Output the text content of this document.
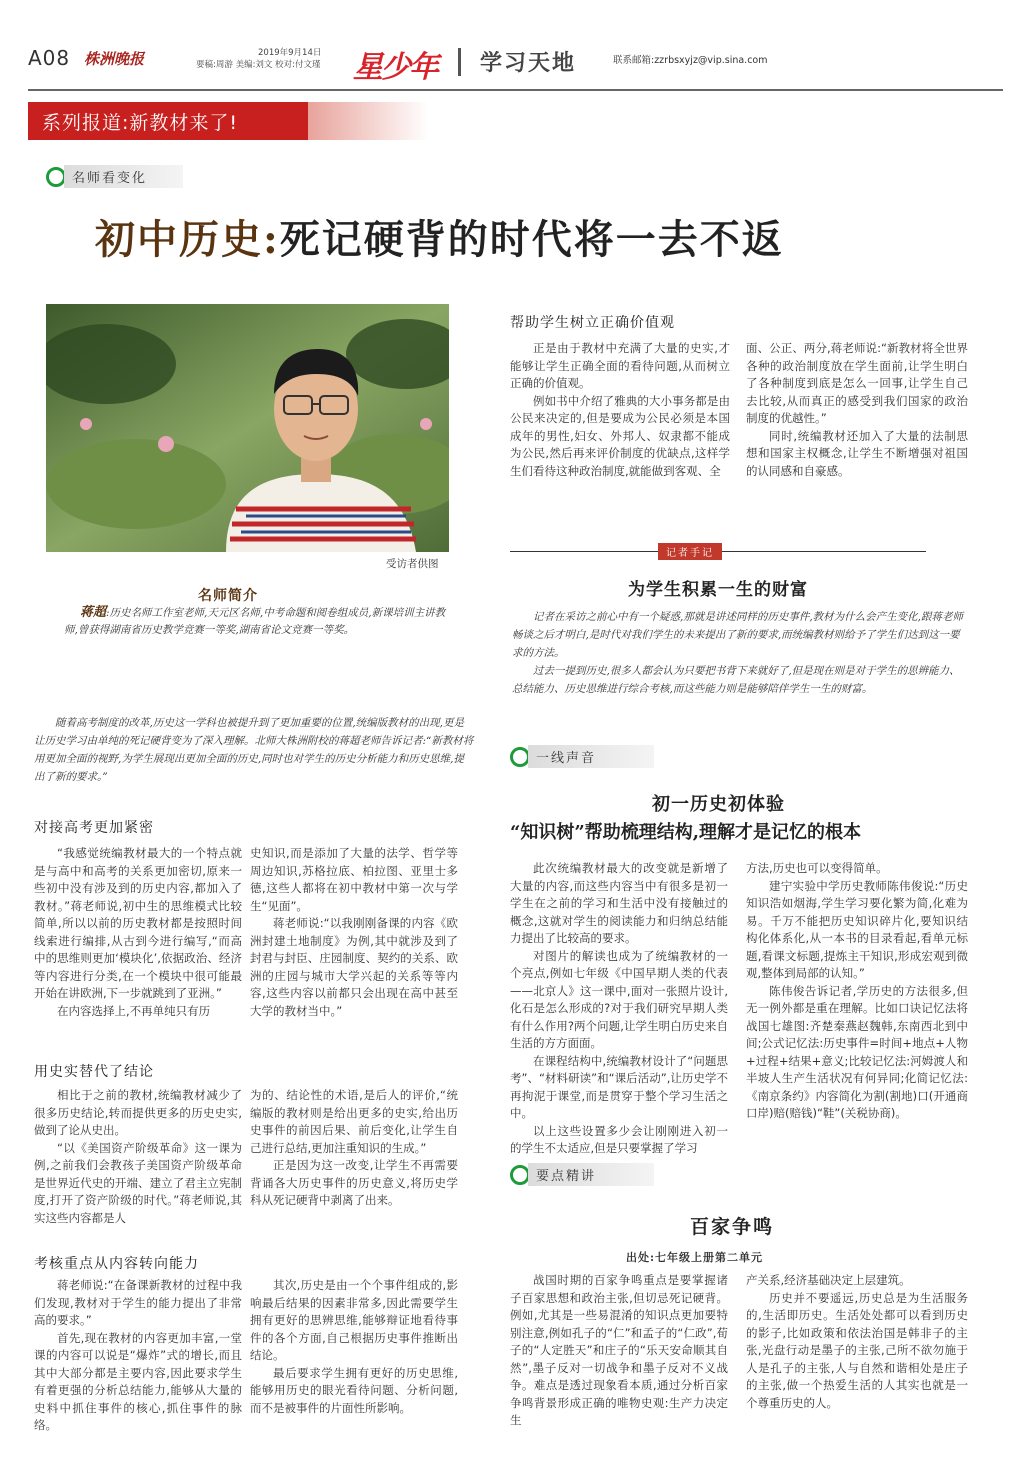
A08 株洲晚报	2019年9月14日
要稿:周游 美编:刘文 校对:付文瑾 星少年 学习天地	联系邮箱:zzrbsxyjz@vip.sina.com
系列报道:新教材来了!
名师看变化
初中历史:死记硬背的时代将一去不返
受访者供图
名师简介
蒋超:历史名师工作室老师,天元区名师,中考命题和阅卷组成员,新课培训主讲教师,曾获得湖南省历史教学竞赛一等奖,湖南省论文竞赛一等奖。

随着高考制度的改革,历史这一学科也被提升到了更加重要的位置,统编版教材的出现,更是让历史学习由单纯的死记硬背变为了深入理解。北师大株洲附校的蒋超老师告诉记者:“新教材将用更加全面的视野,为学生展现出更加全面的历史,同时也对学生的历史分析能力和历史思维,提出了新的要求。”

对接高考更加紧密

“我感觉统编教材最大的一个特点就是与高中和高考的关系更加密切,原来一些初中没有涉及到的历史内容,都加入了教材。”蒋老师说,初中生的思维模式比较简单,所以以前的历史教材都是按照时间线索进行编排,从古到今进行编写,“而高中的思维则更加‘模块化’,依据政治、经济等内容进行分类,在一个模块中很可能最开始在讲欧洲,下一步就跳到了亚洲。”

在内容选择上,不再单纯只有历

史知识,而是添加了大量的法学、哲学等周边知识,苏格拉底、柏拉图、亚里士多德,这些人都将在初中教材中第一次与学生“见面”。

蒋老师说:“以我刚刚备课的内容《欧洲封建土地制度》为例,其中就涉及到了封君与封臣、庄园制度、契约的关系、欧洲的庄园与城市大学兴起的关系等等内容,这些内容以前都只会出现在高中甚至大学的教材当中。”

用史实替代了结论

相比于之前的教材,统编教材减少了很多历史结论,转而提供更多的历史史实,做到了论从史出。

“以《美国资产阶级革命》这一课为例,之前我们会教孩子美国资产阶级革命是世界近代史的开端、建立了君主立宪制度,打开了资产阶级的时代。”蒋老师说,其实这些内容都是人

为的、结论性的术语,是后人的评价,“统编版的教材则是给出更多的史实,给出历史事件的前因后果、前后变化,让学生自己进行总结,更加注重知识的生成。”

正是因为这一改变,让学生不再需要背诵各大历史事件的历史意义,将历史学科从死记硬背中剥离了出来。

考核重点从内容转向能力

蒋老师说:“在备课新教材的过程中我们发现,教材对于学生的能力提出了非常高的要求。”

首先,现在教材的内容更加丰富,一堂课的内容可以说是“爆炸”式的增长,而且其中大部分都是主要内容,因此要求学生有着更强的分析总结能力,能够从大量的史料中抓住事件的核心,抓住事件的脉络。

其次,历史是由一个个事件组成的,影响最后结果的因素非常多,因此需要学生拥有更好的思辨思维,能够辩证地看待事件的各个方面,自己根据历史事件推断出结论。

最后要求学生拥有更好的历史思维,能够用历史的眼光看待问题、分析问题,而不是被事件的片面性所影响。

帮助学生树立正确价值观

正是由于教材中充满了大量的史实,才能够让学生正确全面的看待问题,从而树立正确的价值观。

例如书中介绍了雅典的大小事务都是由公民来决定的,但是要成为公民必须是本国成年的男性,妇女、外邦人、奴隶都不能成为公民,然后再来评价制度的优缺点,这样学生们看待这种政治制度,就能做到客观、全

面、公正、两分,蒋老师说:“新教材将全世界各种的政治制度放在学生面前,让学生明白了各种制度到底是怎么一回事,让学生自己去比较,从而真正的感受到我们国家的政治制度的优越性。”

同时,统编教材还加入了大量的法制思想和国家主权概念,让学生不断增强对祖国的认同感和自豪感。

记者手记
为学生积累一生的财富

记者在采访之前心中有一个疑惑,那就是讲述同样的历史事件,教材为什么会产生变化,跟蒋老师畅谈之后才明白,是时代对我们学生的未来提出了新的要求,而统编教材则给予了学生们达到这一要求的方法。

过去一提到历史,很多人都会认为只要把书背下来就好了,但是现在则是对于学生的思辨能力、总结能力、历史思维进行综合考核,而这些能力则是能够陪伴学生一生的财富。

一线声音
初一历史初体验
“知识树”帮助梳理结构,理解才是记忆的根本

此次统编教材最大的改变就是新增了大量的内容,而这些内容当中有很多是初一学生在之前的学习和生活中没有接触过的概念,这就对学生的阅读能力和归纳总结能力提出了比较高的要求。

对图片的解读也成为了统编教材的一个亮点,例如七年级《中国早期人类的代表——北京人》这一课中,面对一张照片设计,化石是怎么形成的?对于我们研究早期人类有什么作用?两个问题,让学生明白历史来自生活的方方面面。

在课程结构中,统编教材设计了“问题思考”、“材料研读”和“课后活动”,让历史学不再拘泥于课堂,而是贯穿于整个学习生活之中。

以上这些设置多少会让刚刚进入初一的学生不太适应,但是只要掌握了学习

方法,历史也可以变得简单。

建宁实验中学历史教师陈伟俊说:“历史知识浩如烟海,学生学习要化繁为简,化难为易。千万不能把历史知识碎片化,要知识结构化体系化,从一本书的目录看起,看单元标题,看课文标题,提炼主干知识,形成宏观到微观,整体到局部的认知。”

陈伟俊告诉记者,学历史的方法很多,但无一例外都是重在理解。比如口诀记忆法将战国七雄图:齐楚秦燕赵魏韩,东南西北到中间;公式记忆法:历史事件=时间+地点+人物+过程+结果+意义;比较记忆法:河姆渡人和半坡人生产生活状况有何异同;化简记忆法:《南京条约》内容简化为割(割地)口(开通商口岸)赔(赔钱)“鞋”(关税协商)。

要点精讲
百家争鸣
出处:七年级上册第二单元

战国时期的百家争鸣重点是要掌握诸子百家思想和政治主张,但切忌死记硬背。例如,尤其是一些易混淆的知识点更加要特别注意,例如孔子的“仁”和孟子的“仁政”,荀子的“人定胜天”和庄子的“乐天安命顺其自然”,墨子反对一切战争和墨子反对不义战争。难点是透过现象看本质,通过分析百家争鸣背景形成正确的唯物史观:生产力决定生

产关系,经济基础决定上层建筑。

历史并不要遥远,历史总是为生活服务的,生活即历史。生活处处都可以看到历史的影子,比如政策和依法治国是韩非子的主张,光盘行动是墨子的主张,己所不欲勿施于人是孔子的主张,人与自然和谐相处是庄子的主张,做一个热爱生活的人其实也就是一个尊重历史的人。
